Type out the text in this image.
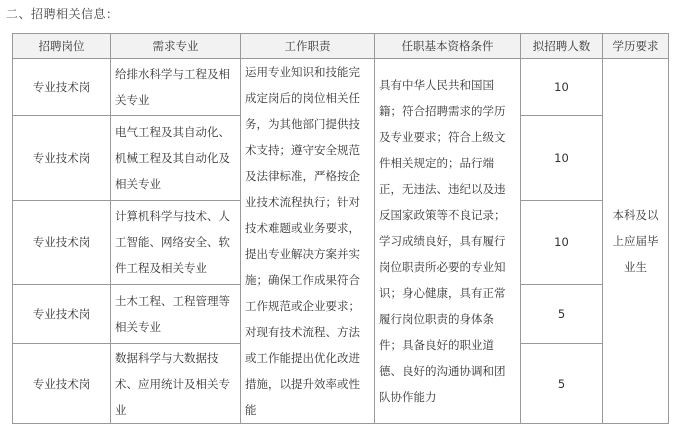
二、招聘相关信息：
招聘岗位	需求专业	工作职责	任职基本资格条件	拟招聘人数	学历要求
专业技术岗	给排水科学与工程及相关专业	运用专业知识和技能完成定岗后的岗位相关任务，为其他部门提供技术支持；遵守安全规范及法律标准，严格按企业技术流程执行；针对技术难题或业务要求，提出专业解决方案并实施；确保工作成果符合工作规范或企业要求；对现有技术流程、方法或工作能提出优化改进措施，以提升效率或性能	具有中华人民共和国国籍；符合招聘需求的学历及专业要求；符合上级文件相关规定的；品行端正，无违法、违纪以及违反国家政策等不良记录；学习成绩良好，具有履行岗位职责所必要的专业知识；身心健康，具有正常履行岗位职责的身体条件；具备良好的职业道德、良好的沟通协调和团队协作能力	10	本科及以上应届毕业生
专业技术岗	电气工程及其自动化、机械工程及其自动化及相关专业			10	
专业技术岗	计算机科学与技术、人工智能、网络安全、软件工程及相关专业			10	
专业技术岗	土木工程、工程管理等相关专业			5	
专业技术岗	数据科学与大数据技术、应用统计及相关专业			5	
